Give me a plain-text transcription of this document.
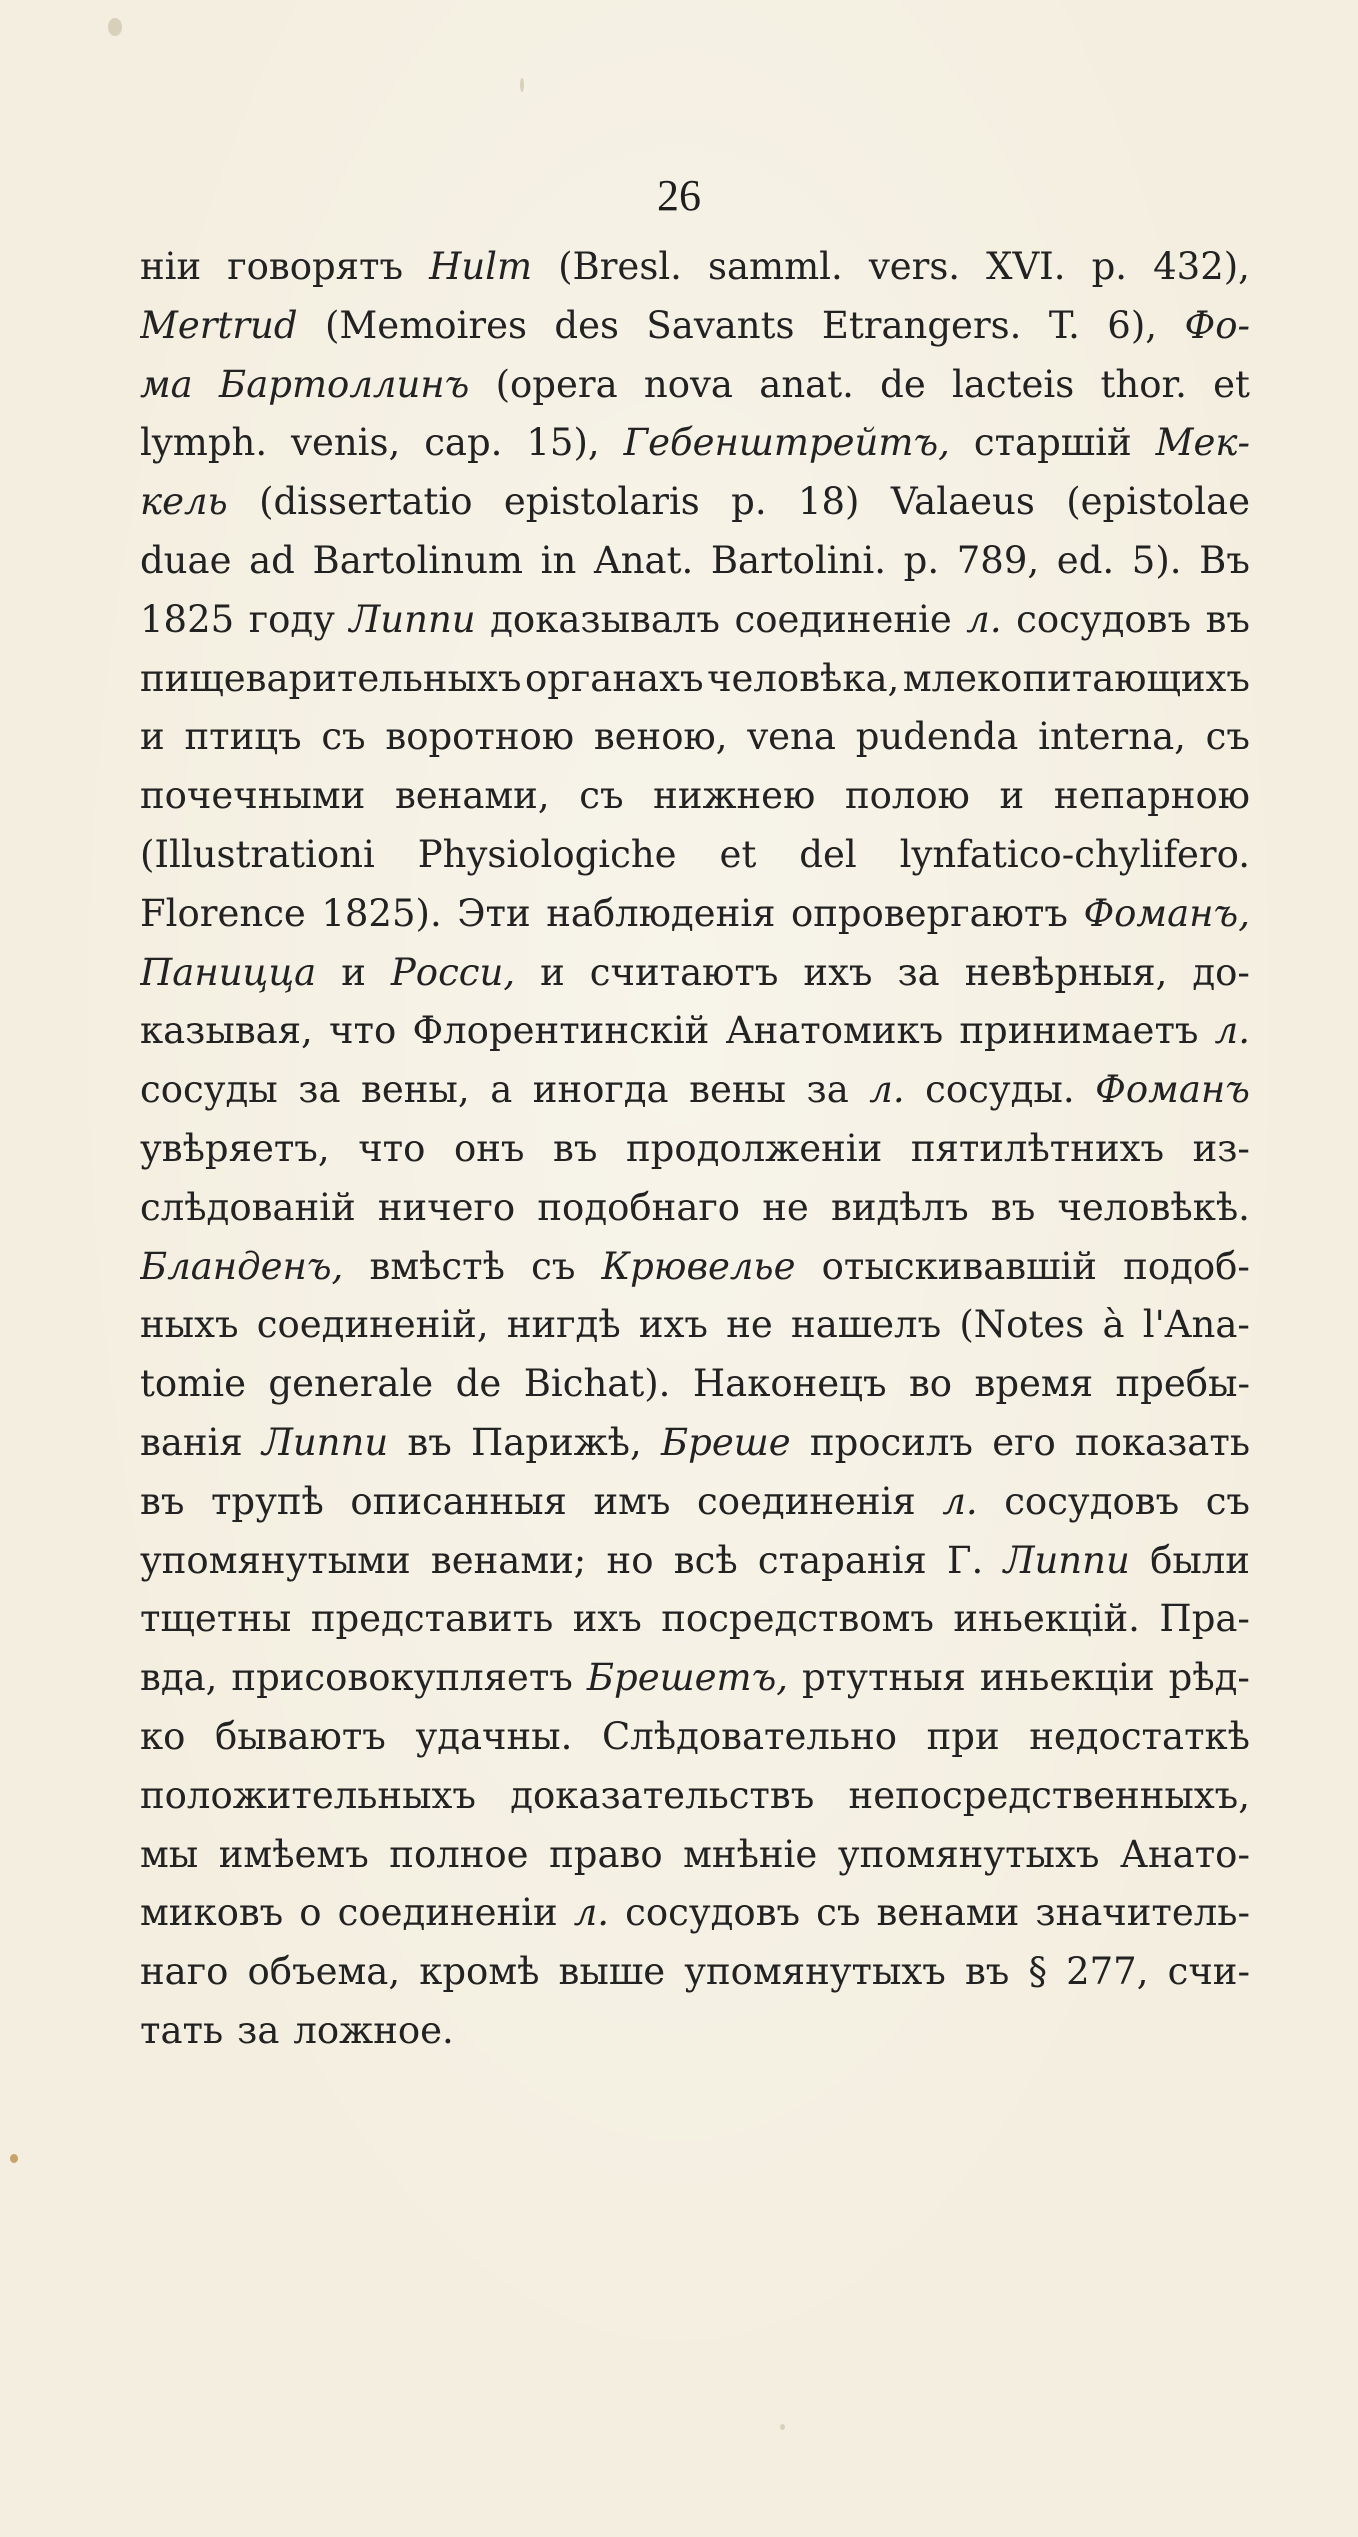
26
нiи говорятъ Hulm (Bresl. samml. vers. XVI. p. 432),
Mertrud (Memoires des Savants Etrangers. T. 6), Фо-
ма Бартоллинъ (opera nova anat. de lacteis thor. et
lymph. venis, cap. 15), Гебенштрейтъ, старшiй Мек-
кель (dissertatio epistolaris p. 18) Valaeus (epistolae
duae ad Bartolinum in Anat. Bartolini. p. 789, ed. 5). Въ
1825 году Липпи доказывалъ соединенiе л. сосудовъ въ
пищеварительныхъ органахъ человѣка, млекопитающихъ
и птицъ съ воротною веною, vena pudenda interna, съ
почечными венами, съ нижнею полою и непарною
(Illustrationi Physiologiche et del lynfatico-chylifero.
Florence 1825). Эти наблюденiя опровергаютъ Фоманъ,
Паницца и Росси, и считаютъ ихъ за невѣрныя, до-
казывая, что Флорентинскiй Анатомикъ принимаетъ л.
сосуды за вены, а иногда вены за л. сосуды. Фоманъ
увѣряетъ, что онъ въ продолженiи пятилѣтнихъ из-
слѣдованiй ничего подобнаго не видѣлъ въ человѣкѣ.
Бланденъ, вмѣстѣ съ Крювелье отыскивавшiй подоб-
ныхъ соединенiй, нигдѣ ихъ не нашелъ (Notes à l'Ana-
tomie generale de Bichat). Наконецъ во время пребы-
ванiя Липпи въ Парижѣ, Бреше просилъ его показать
въ трупѣ описанныя имъ соединенiя л. сосудовъ съ
упомянутыми венами; но всѣ старанiя Г. Липпи были
тщетны представить ихъ посредствомъ иньекцiй. Пра-
вда, присовокупляетъ Брешетъ, ртутныя иньекцiи рѣд-
ко бываютъ удачны. Слѣдовательно при недостаткѣ
положительныхъ доказательствъ непосредственныхъ,
мы имѣемъ полное право мнѣнiе упомянутыхъ Анато-
миковъ о соединенiи л. сосудовъ съ венами значитель-
наго объема, кромѣ выше упомянутыхъ въ § 277, счи-
тать за ложное.
